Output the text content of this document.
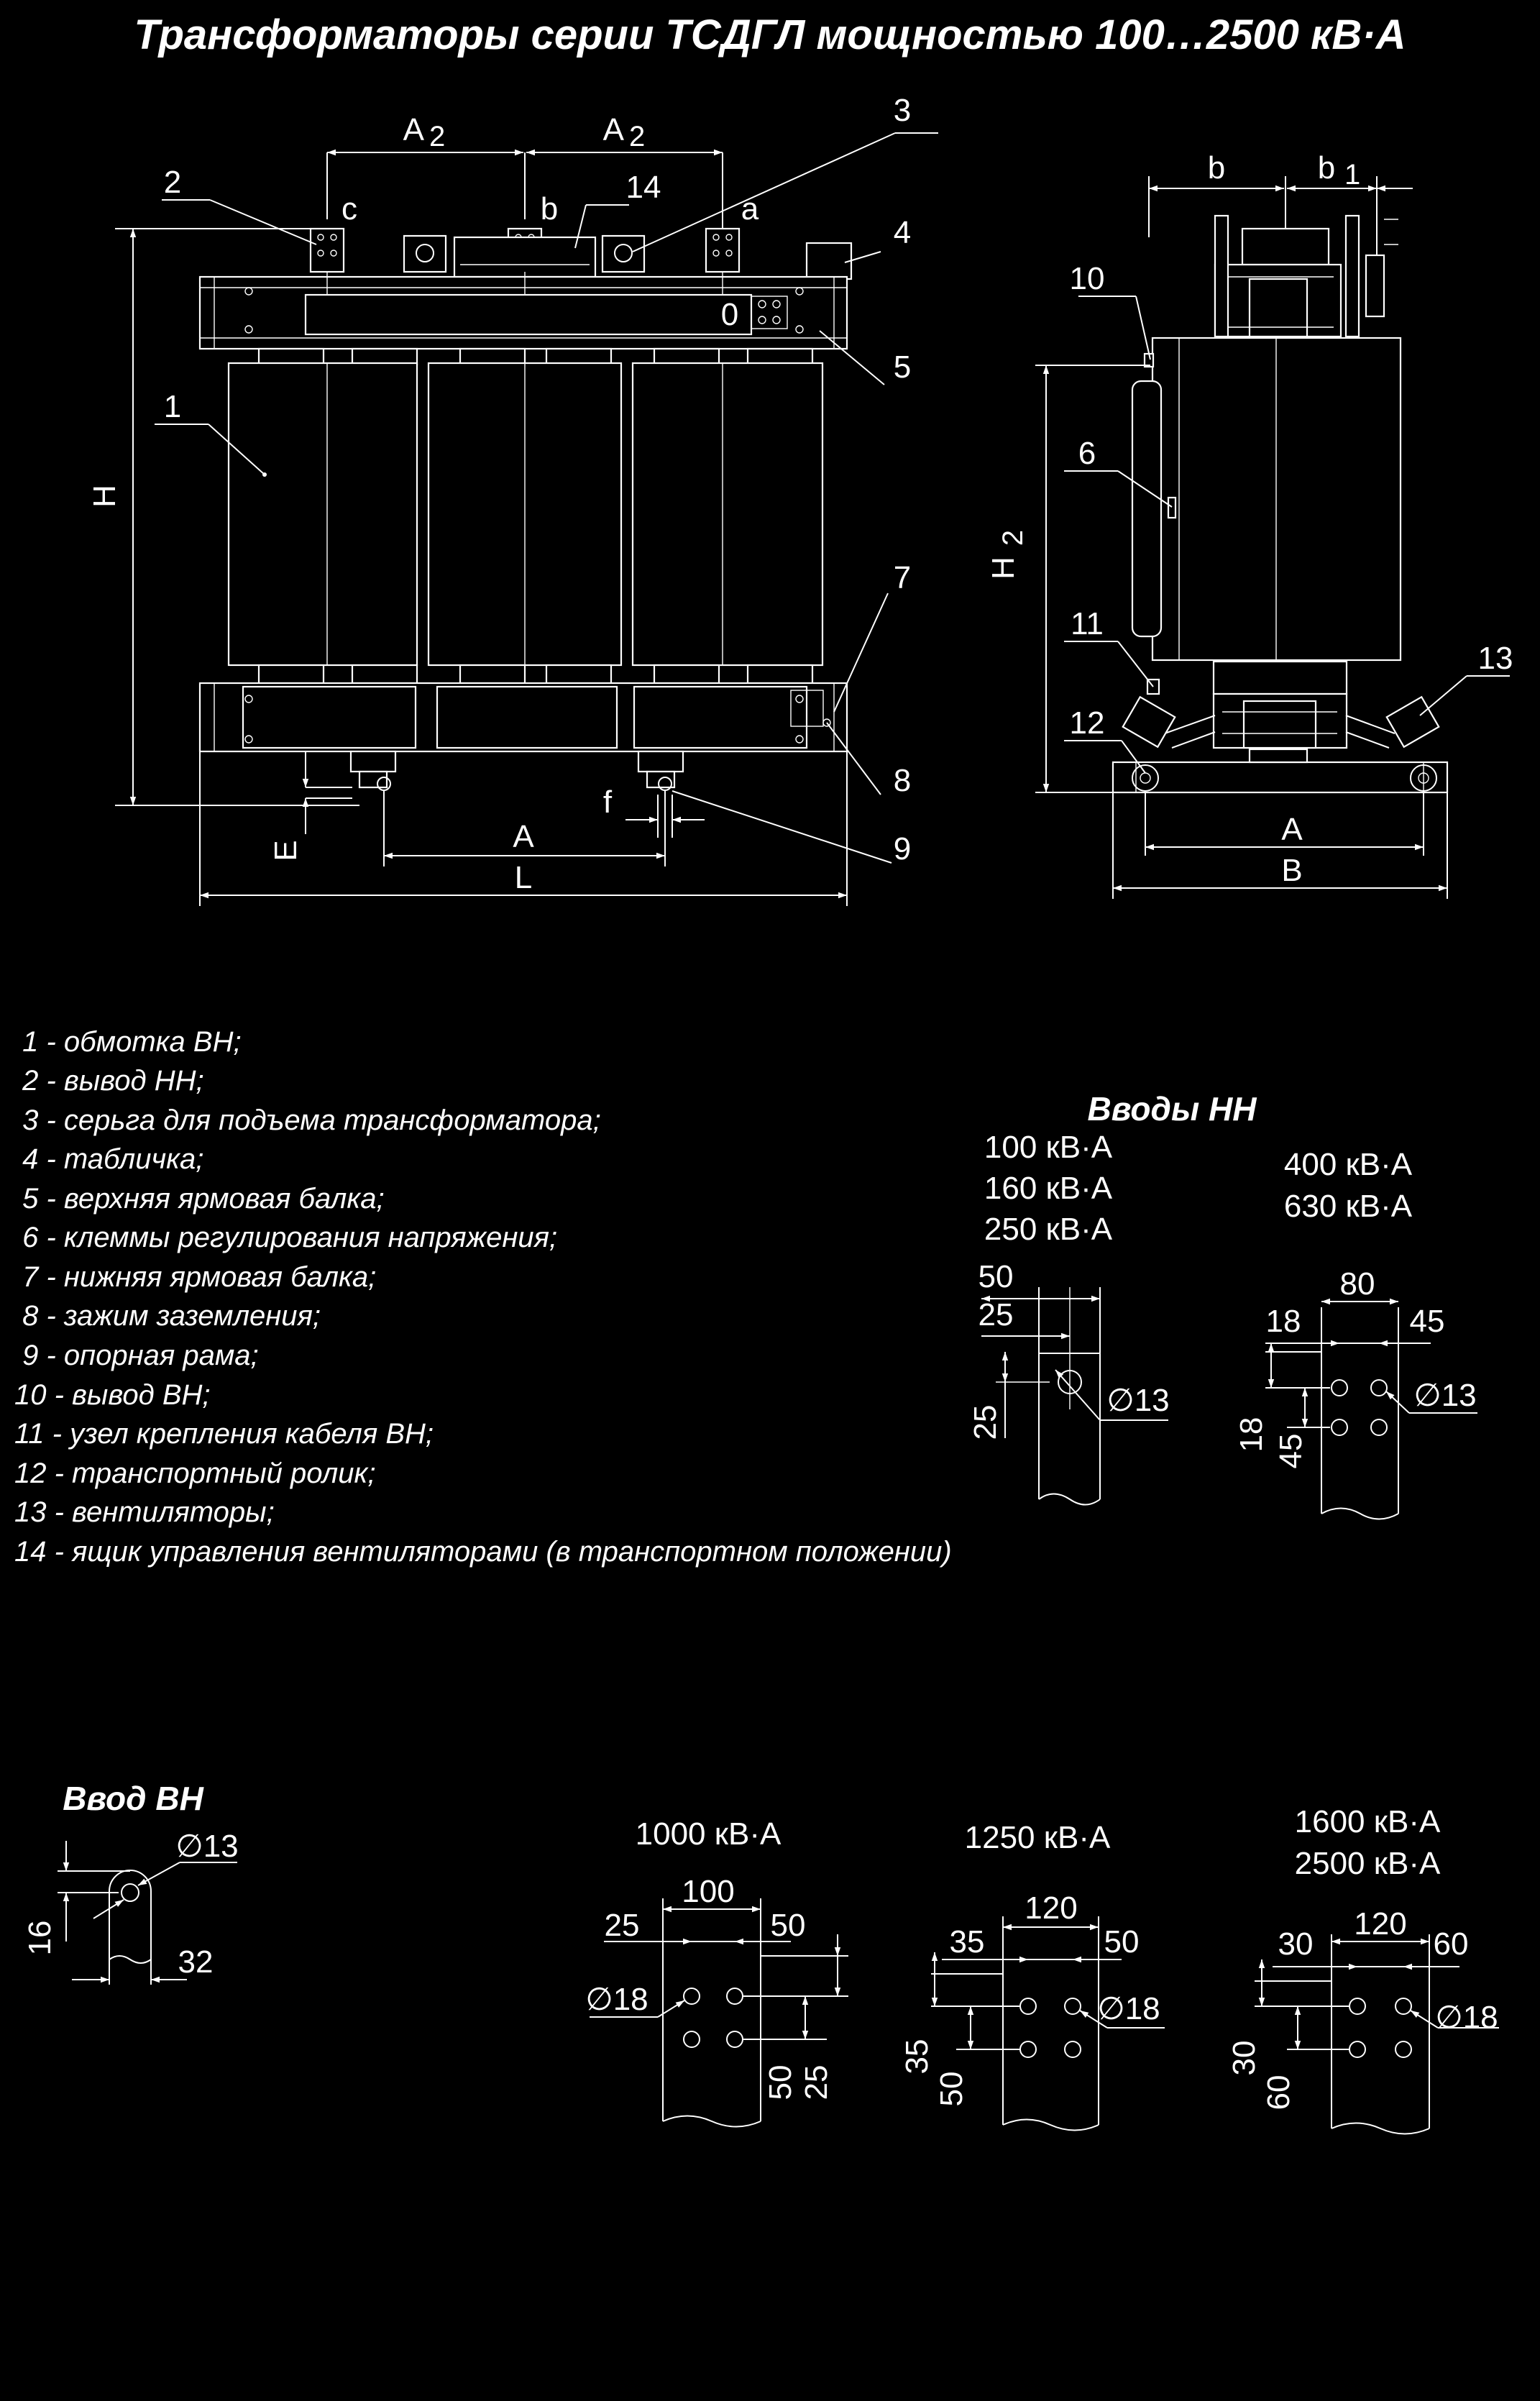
Трансформаторы серии ТСДГЛ мощностью 100…2500 кВ·А
A 2	A 2
c	b	a
0
H
E
f
A
L
2
3
14
4
5
1
7
8
9
b	b 1
H
2
A
B
10
6
11
12
13
1 - обмотка ВН;
2 - вывод НН;
3 - серьга для подъема трансформатора;
4 - табличка;
5 - верхняя ярмовая балка;
6 - клеммы регулирования напряжения;
7 - нижняя ярмовая балка;
8 - зажим заземления;
9 - опорная рама;
10 - вывод ВН;
11 - узел крепления кабеля ВН;
12 - транспортный ролик;
13 - вентиляторы;
14 - ящик управления вентиляторами (в транспортном положении)
Вводы НН
100 кВ·А
160 кВ·А
250 кВ·А
50
25
25
∅13
400 кВ·А
630 кВ·А
80
18	45
18 45
∅13
Ввод ВН
∅13
16
32
1000 кВ·А
100
25	50
∅18
50 25
1250 кВ·А
120
35	50
∅18
35
50
1600 кВ·А
2500 кВ·А
120
30	60
∅18
30
60
